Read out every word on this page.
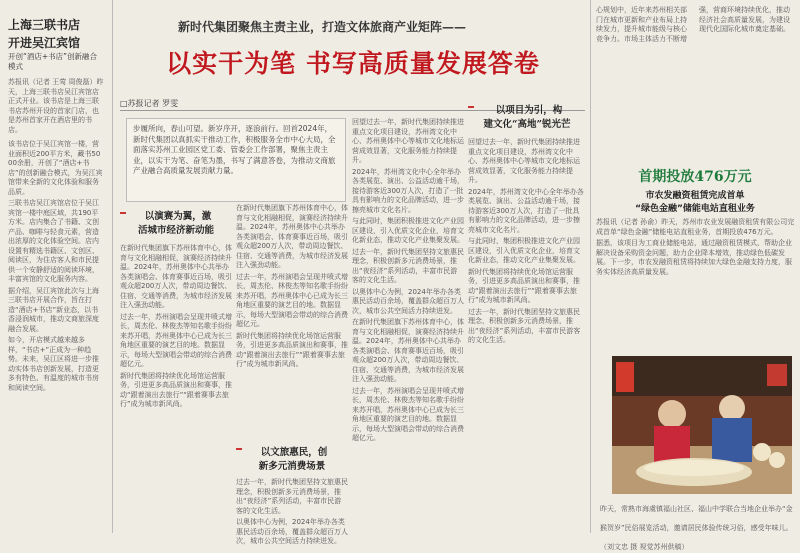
上海三联书店
开进吴江宾馆
开创“酒店+书店”创新融合模式
苏报讯（记者 王莺 周俊磊）昨天，上海三联书店吴江宾馆店正式开业。该书店是上海三联书店苏州开设的首家门店，也是苏州首家开在酒店里的书店。

该书店位于吴江宾馆一楼，营业面积近200平方米，藏书5000余册，开创了“酒店+书店”的创新融合模式，为吴江宾馆带来全新的文化体验和服务品质。

三联书店吴江宾馆店位于吴江宾馆一楼中庭区域，共190平方米。店内集合了书籍、文创产品、咖啡与轻食元素，营造出浓厚的文化体验空间。店内设置有精选书籍区、文创区、阅读区，为住店客人和市民提供一个安静舒适的阅读环境，丰富宾馆的文化服务内容。

据介绍，吴江宾馆此次与上海三联书店开展合作，旨在打造“酒店+书店”新业态，以书香浸润城市，推动文商旅深度融合发展。

如今，开店模式越来越多样，“书店+”正成为一种趋势。未来，吴江区将进一步推动实体书店创新发展，打造更多有特色、有温度的城市书房和阅读空间。

新时代集团聚焦主责主业，打造文体旅商产业矩阵——
以实干为笔 书写高质量发展答卷
□苏报记者 罗雯
步履所向，春山可望。新岁序开，逐浪前行。回首2024年，新时代集团以真抓实干推动工作，积极服务全市中心大局，全面落实苏州工业园区党工委、管委会工作部署，聚焦主责主业，以实干为笔、奋笔为墨，书写了满意答卷，为推动文商旅产业融合高质量发展贡献力量。
以演赛为翼，激
活城市经济新动能

在新时代集团旗下苏州体育中心，体育与文化相融相促，演赛经济持续升温。2024年，苏州奥体中心共举办各类演唱会、体育赛事近百场，吸引观众超200万人次，带动周边餐饮、住宿、交通等消费，为城市经济发展注入强劲动能。

过去一年，苏州演唱会呈现井喷式增长，周杰伦、林俊杰等知名歌手纷纷来苏开唱，苏州奥体中心已成为长三角地区重要的演艺目的地。数据显示，每场大型演唱会带动的综合消费超亿元。

新时代集团将持续优化场馆运营服务，引进更多高品质演出和赛事，推动“跟着演出去旅行”“跟着赛事去旅行”成为城市新风尚。

在新时代集团旗下苏州体育中心，体育与文化相融相促，演赛经济持续升温。2024年，苏州奥体中心共举办各类演唱会、体育赛事近百场，吸引观众超200万人次，带动周边餐饮、住宿、交通等消费，为城市经济发展注入强劲动能。

过去一年，苏州演唱会呈现井喷式增长，周杰伦、林俊杰等知名歌手纷纷来苏开唱，苏州奥体中心已成为长三角地区重要的演艺目的地。数据显示，每场大型演唱会带动的综合消费超亿元。

新时代集团将持续优化场馆运营服务，引进更多高品质演出和赛事，推动“跟着演出去旅行”“跟着赛事去旅行”成为城市新风尚。

以文旅惠民，创
新多元消费场景

过去一年，新时代集团坚持文旅惠民理念，积极创新多元消费场景，推出“夜经济”系列活动，丰富市民游客的文化生活。

以奥体中心为例，2024年举办各类惠民活动百余场，覆盖群众超百万人次，城市公共空间活力持续迸发。

回望过去一年，新时代集团持续推进重点文化项目建设，苏州湾文化中心、苏州奥体中心等城市文化地标运营成效显著，文化服务能力持续提升。

2024年，苏州湾文化中心全年举办各类展览、演出、公益活动逾千场，接待游客近300万人次，打造了一批具有影响力的文化品牌活动，进一步擦亮城市文化名片。

与此同时，集团积极推进文化产业园区建设，引入优质文化企业，培育文化新业态，推动文化产业集聚发展。

过去一年，新时代集团坚持文旅惠民理念，积极创新多元消费场景，推出“夜经济”系列活动，丰富市民游客的文化生活。

以奥体中心为例，2024年举办各类惠民活动百余场，覆盖群众超百万人次，城市公共空间活力持续迸发。

在新时代集团旗下苏州体育中心，体育与文化相融相促，演赛经济持续升温。2024年，苏州奥体中心共举办各类演唱会、体育赛事近百场，吸引观众超200万人次，带动周边餐饮、住宿、交通等消费，为城市经济发展注入强劲动能。

过去一年，苏州演唱会呈现井喷式增长，周杰伦、林俊杰等知名歌手纷纷来苏开唱，苏州奥体中心已成为长三角地区重要的演艺目的地。数据显示，每场大型演唱会带动的综合消费超亿元。

以项目为引，构
建文化“高地”锐光芒

回望过去一年，新时代集团持续推进重点文化项目建设，苏州湾文化中心、苏州奥体中心等城市文化地标运营成效显著，文化服务能力持续提升。

2024年，苏州湾文化中心全年举办各类展览、演出、公益活动逾千场，接待游客近300万人次，打造了一批具有影响力的文化品牌活动，进一步擦亮城市文化名片。

与此同时，集团积极推进文化产业园区建设，引入优质文化企业，培育文化新业态，推动文化产业集聚发展。

新时代集团将持续优化场馆运营服务，引进更多高品质演出和赛事，推动“跟着演出去旅行”“跟着赛事去旅行”成为城市新风尚。

过去一年，新时代集团坚持文旅惠民理念，积极创新多元消费场景，推出“夜经济”系列活动，丰富市民游客的文化生活。

心规划中，近年来苏州相关部门在城市更新和产业布局上持续发力，提升城市能级与核心竞争力。市场主体活力不断增强，营商环境持续优化，推动经济社会高质量发展，为建设现代化国际化城市奠定基础。
首期投放476万元
市农发融资租赁完成首单
“绿色金融”储能电站直租业务
苏报讯（记者 孙俞）昨天，苏州市农业发展融资租赁有限公司完成首单“绿色金融”储能电站直租业务，首期投放476万元。
据悉，该项目为工商业储能电站，通过融资租赁模式，帮助企业解决设备采购资金问题，助力企业降本增效，推动绿色低碳发展。下一步，市农发融资租赁将持续加大绿色金融支持力度，服务实体经济高质量发展。
昨天，常熟市海虞镇福山社区、福山中学联合当地企业举办“金猴贺岁”民俗展览活动，邀请居民体验传统习俗，感受年味儿。 （刘文忠 摄 视觉苏州供稿）
